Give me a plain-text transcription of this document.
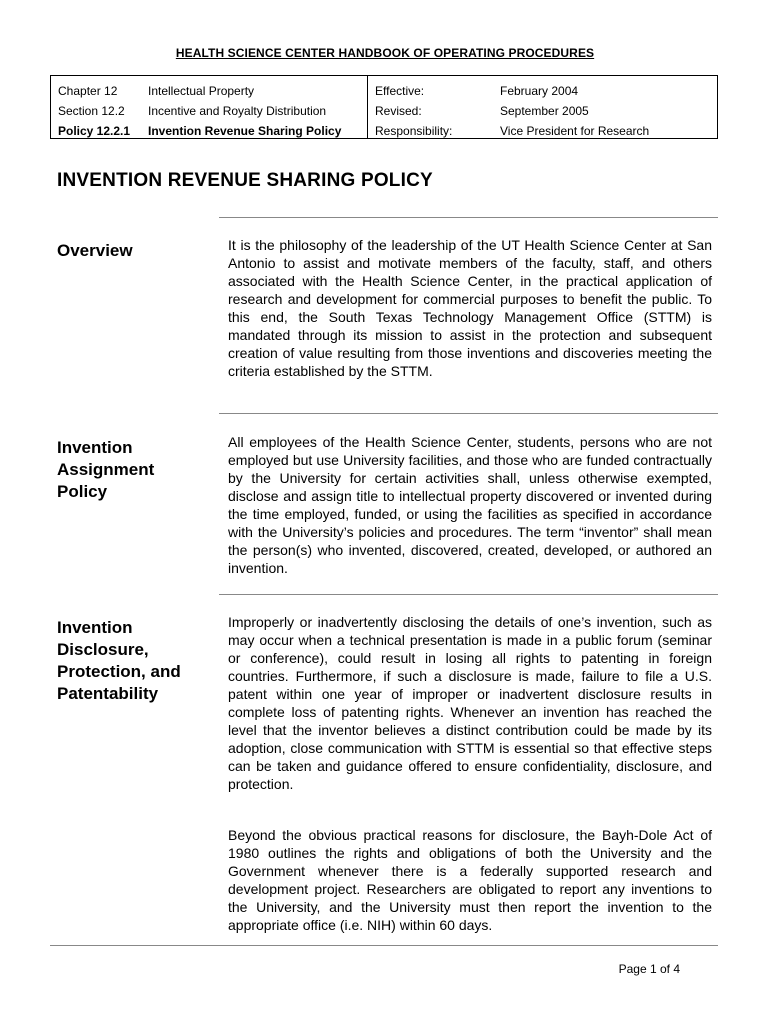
HEALTH SCIENCE CENTER HANDBOOK OF OPERATING PROCEDURES
Chapter 12	Intellectual Property	Effective:	February 2004
Section 12.2 Incentive and Royalty Distribution	Revised:	September 2005
Policy 12.2.1 Invention Revenue Sharing Policy	Responsibility:	Vice President for Research
INVENTION REVENUE SHARING POLICY
Overview	It is the philosophy of the leadership of the UT Health Science Center at San Antonio to assist and motivate members of the faculty, staff, and others associated with the Health Science Center, in the practical application of research and development for commercial purposes to benefit the public. To this end, the South Texas Technology Management Office (STTM) is mandated through its mission to assist in the protection and subsequent creation of value resulting from those inventions and discoveries meeting the criteria established by the STTM.
Invention Assignment Policy
All employees of the Health Science Center, students, persons who are not employed but use University facilities, and those who are funded contractually by the University for certain activities shall, unless otherwise exempted, disclose and assign title to intellectual property discovered or invented during the time employed, funded, or using the facilities as specified in accordance with the University’s policies and procedures. The term “inventor” shall mean the person(s) who invented, discovered, created, developed, or authored an invention.
Invention Disclosure, Protection, and Patentability
Improperly or inadvertently disclosing the details of one’s invention, such as may occur when a technical presentation is made in a public forum (seminar or conference), could result in losing all rights to patenting in foreign countries. Furthermore, if such a disclosure is made, failure to file a U.S. patent within one year of improper or inadvertent disclosure results in complete loss of patenting rights. Whenever an invention has reached the level that the inventor believes a distinct contribution could be made by its adoption, close communication with STTM is essential so that effective steps can be taken and guidance offered to ensure confidentiality, disclosure, and protection.
Beyond the obvious practical reasons for disclosure, the Bayh-Dole Act of 1980 outlines the rights and obligations of both the University and the Government whenever there is a federally supported research and development project. Researchers are obligated to report any inventions to the University, and the University must then report the invention to the appropriate office (i.e. NIH) within 60 days.
Page 1 of 4
